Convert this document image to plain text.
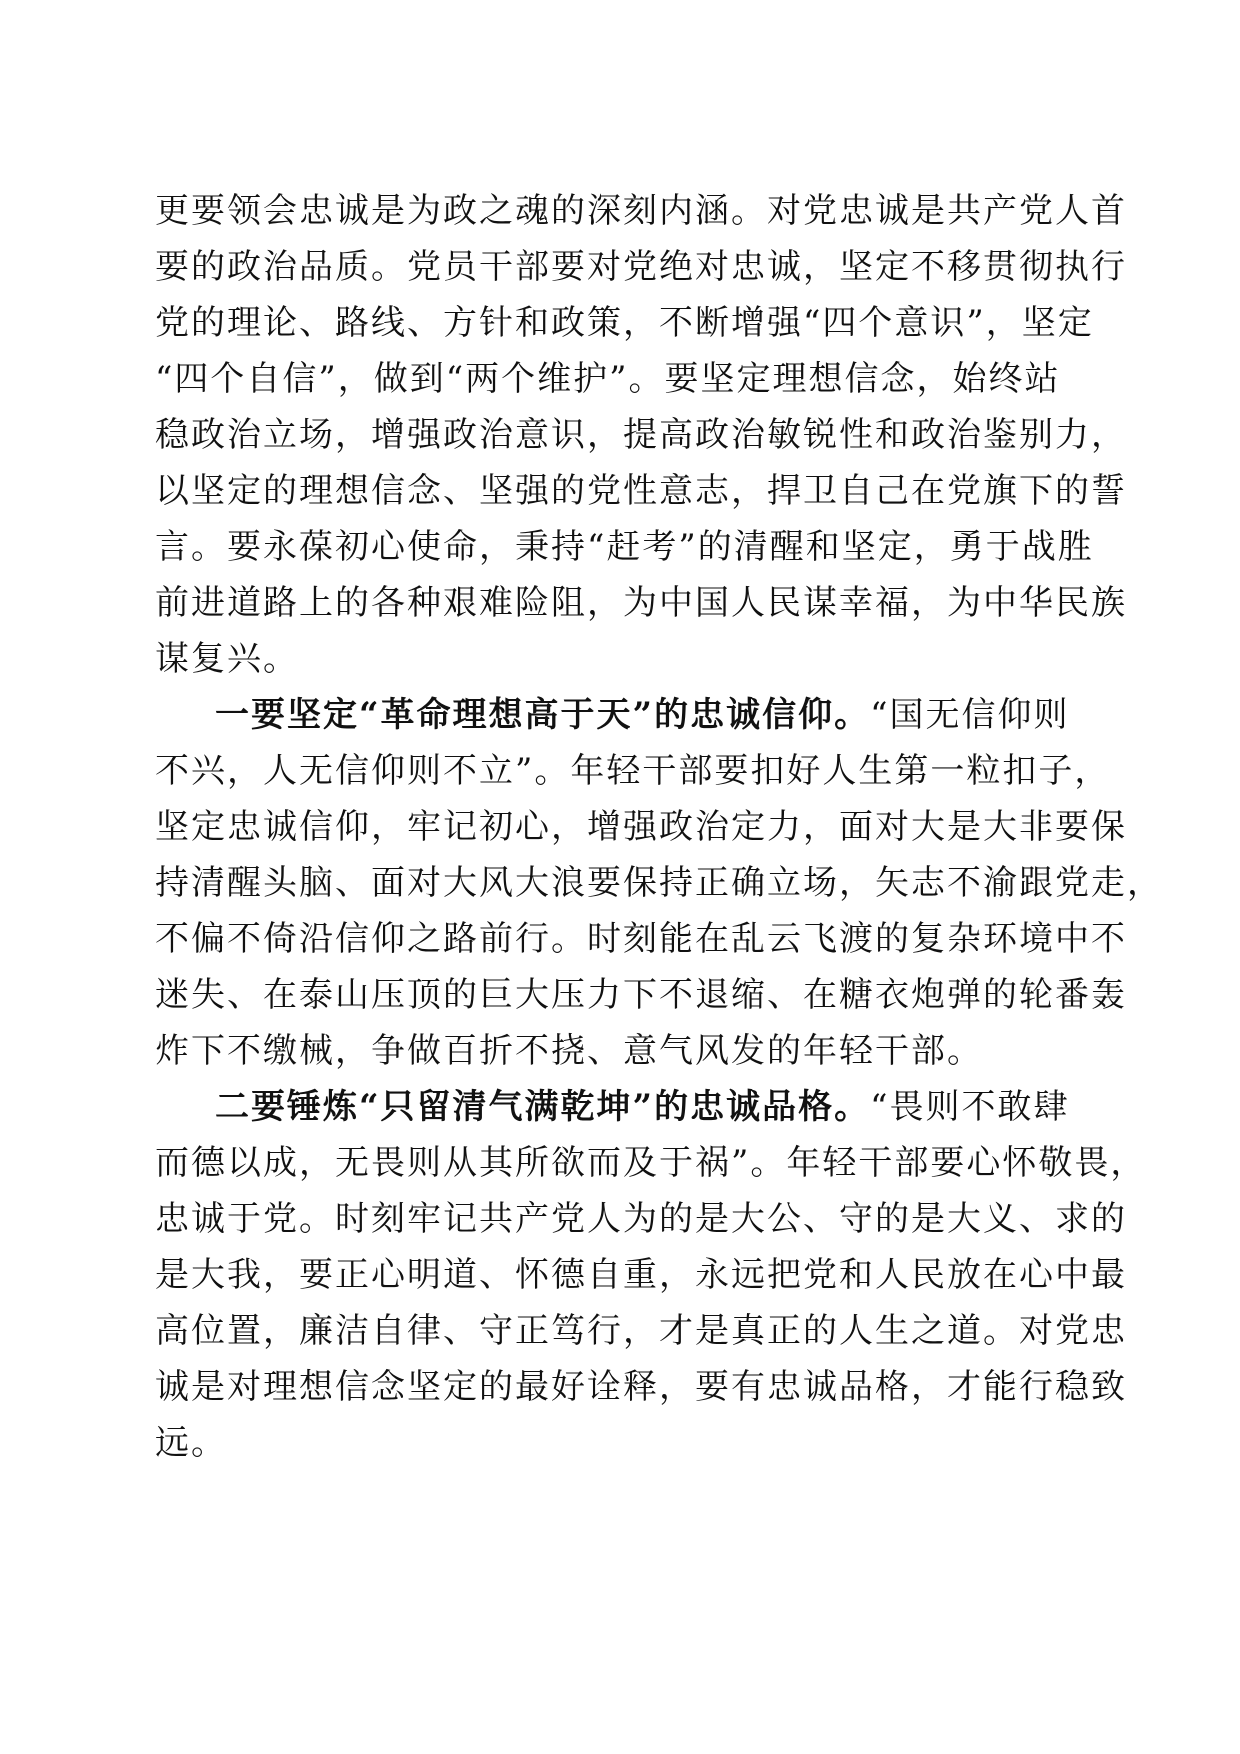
更要领会忠诚是为政之魂的深刻内涵。对党忠诚是共产党人首
要的政治品质。党员干部要对党绝对忠诚，坚定不移贯彻执行
党的理论、路线、方针和政策，不断增强“四个意识”，坚定
“四个自信”，做到“两个维护”。要坚定理想信念，始终站
稳政治立场，增强政治意识，提高政治敏锐性和政治鉴别力，
以坚定的理想信念、坚强的党性意志，捍卫自己在党旗下的誓
言。要永葆初心使命，秉持“赶考”的清醒和坚定，勇于战胜
前进道路上的各种艰难险阻，为中国人民谋幸福，为中华民族
谋复兴。
一要坚定“革命理想高于天”的忠诚信仰。“国无信仰则
不兴，人无信仰则不立”。年轻干部要扣好人生第一粒扣子，
坚定忠诚信仰，牢记初心，增强政治定力，面对大是大非要保
持清醒头脑、面对大风大浪要保持正确立场，矢志不渝跟党走，
不偏不倚沿信仰之路前行。时刻能在乱云飞渡的复杂环境中不
迷失、在泰山压顶的巨大压力下不退缩、在糖衣炮弹的轮番轰
炸下不缴械，争做百折不挠、意气风发的年轻干部。
二要锤炼“只留清气满乾坤”的忠诚品格。“畏则不敢肆
而德以成，无畏则从其所欲而及于祸”。年轻干部要心怀敬畏，
忠诚于党。时刻牢记共产党人为的是大公、守的是大义、求的
是大我，要正心明道、怀德自重，永远把党和人民放在心中最
高位置，廉洁自律、守正笃行，才是真正的人生之道。对党忠
诚是对理想信念坚定的最好诠释，要有忠诚品格，才能行稳致
远。
